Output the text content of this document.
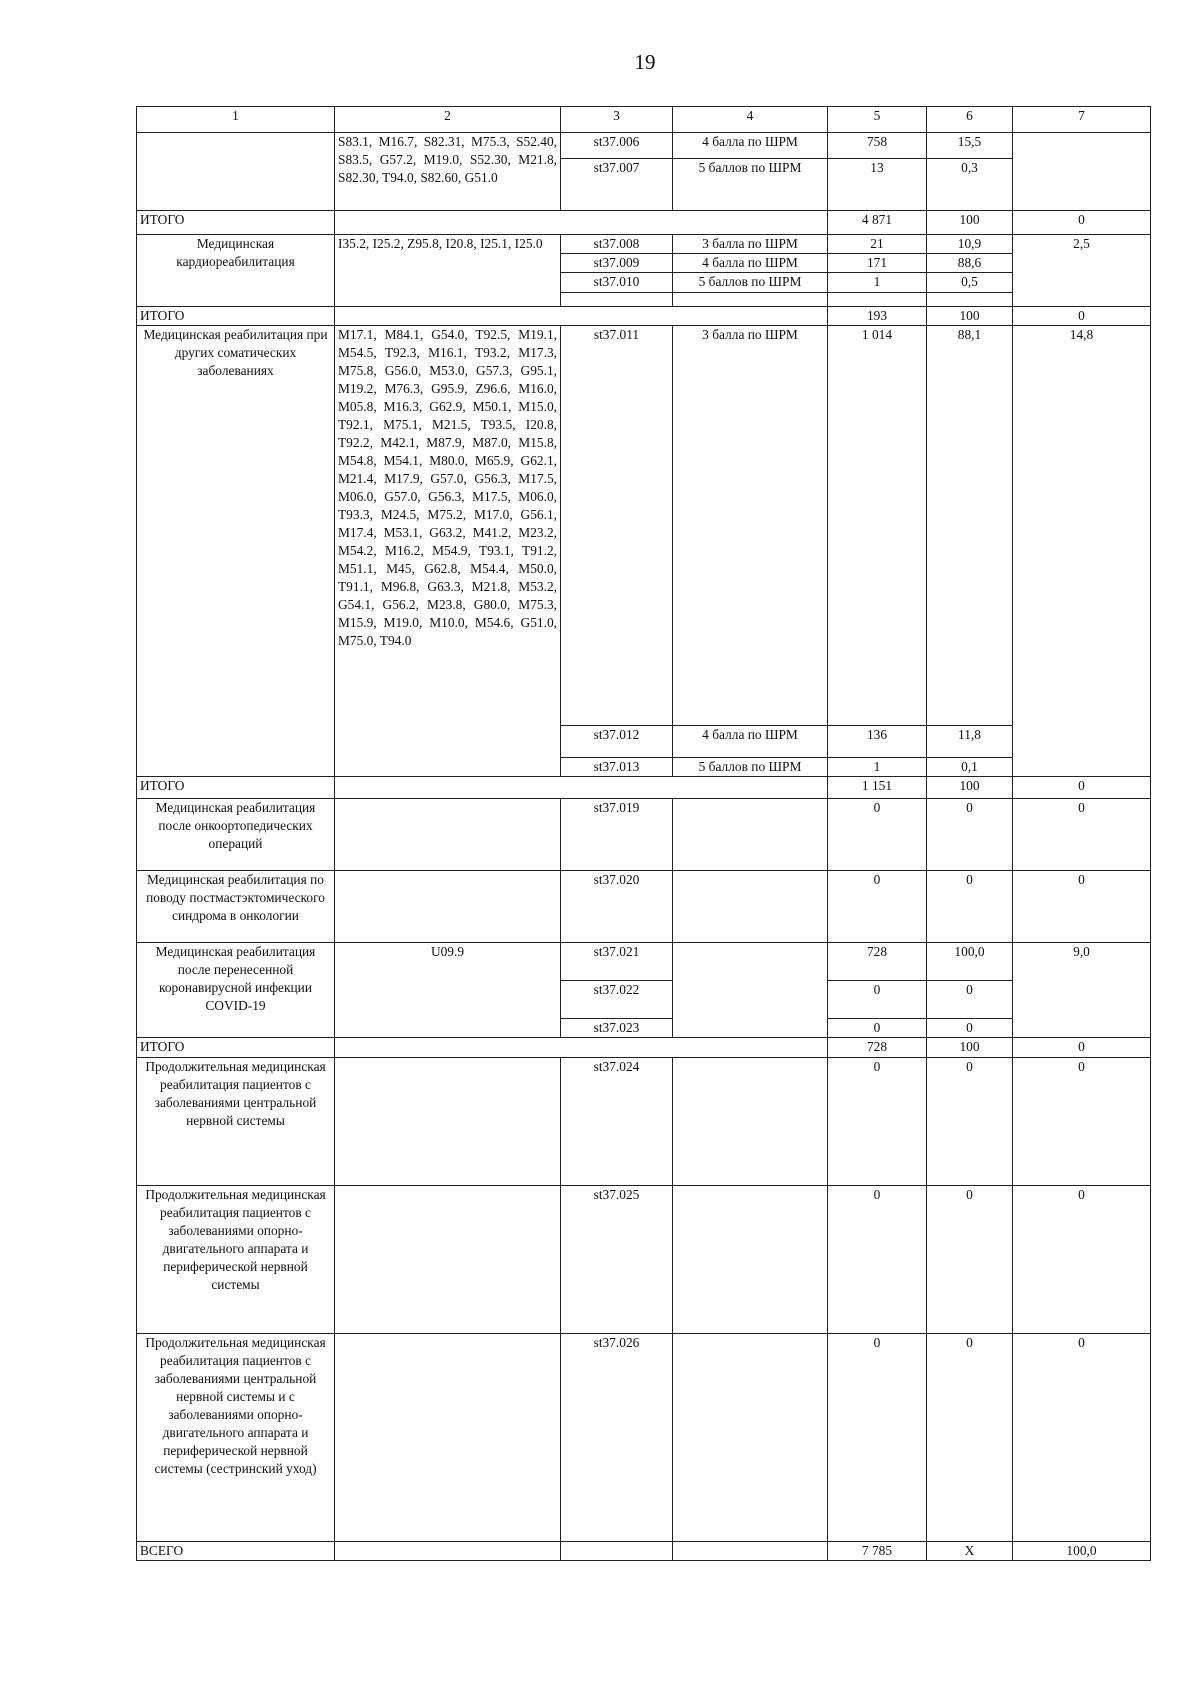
19
1	2	3	4	5	6	7
	S83.1, M16.7, S82.31, M75.3, S52.40, S83.5, G57.2, M19.0, S52.30, M21.8, S82.30, T94.0, S82.60, G51.0	st37.006	4 балла по ШРМ	758	15,5	
		st37.007	5 баллов по ШРМ	13	0,3	
ИТОГО				4 871	100	0
Медицинская кардиореабилитация	I35.2, I25.2, Z95.8, I20.8, I25.1, I25.0	st37.008	3 балла по ШРМ	21	10,9	2,5
		st37.009	4 балла по ШРМ	171	88,6	
		st37.010	5 баллов по ШРМ	1	0,5	

ИТОГО				193	100	0
Медицинская реабилитация при других соматических заболеваниях	M17.1, M84.1, G54.0, T92.5, M19.1, M54.5, T92.3, M16.1, T93.2, M17.3, M75.8, G56.0, M53.0, G57.3, G95.1, M19.2, M76.3, G95.9, Z96.6, M16.0, M05.8, M16.3, G62.9, M50.1, M15.0, T92.1, M75.1, M21.5, T93.5, I20.8, T92.2, M42.1, M87.9, M87.0, M15.8, M54.8, M54.1, M80.0, M65.9, G62.1, M21.4, M17.9, G57.0, G56.3, M17.5, M06.0, G57.0, G56.3, M17.5, M06.0, T93.3, M24.5, M75.2, M17.0, G56.1, M17.4, M53.1, G63.2, M41.2, M23.2, M54.2, M16.2, M54.9, T93.1, T91.2, M51.1, M45, G62.8, M54.4, M50.0, T91.1, M96.8, G63.3, M21.8, M53.2, G54.1, G56.2, M23.8, G80.0, M75.3, M15.9, M19.0, M10.0, M54.6, G51.0, M75.0, T94.0	st37.011	3 балла по ШРМ	1 014	88,1	14,8
		st37.012	4 балла по ШРМ	136	11,8	
		st37.013	5 баллов по ШРМ	1	0,1	
ИТОГО				1 151	100	0
Медицинская реабилитация после онкоортопедических операций		st37.019		0	0	0
Медицинская реабилитация по поводу постмастэктомического синдрома в онкологии		st37.020		0	0	0
Медицинская реабилитация после перенесенной коронавирусной инфекции COVID-19	U09.9	st37.021		728	100,0	9,0
		st37.022		0	0	
		st37.023		0	0	
ИТОГО				728	100	0
Продолжительная медицинская реабилитация пациентов с заболеваниями центральной нервной системы		st37.024		0	0	0
Продолжительная медицинская реабилитация пациентов с заболеваниями опорно-двигательного аппарата и периферической нервной системы		st37.025		0	0	0
Продолжительная медицинская реабилитация пациентов с заболеваниями центральной нервной системы и с заболеваниями опорно-двигательного аппарата и периферической нервной системы (сестринский уход)		st37.026		0	0	0
ВСЕГО				7 785	X	100,0
